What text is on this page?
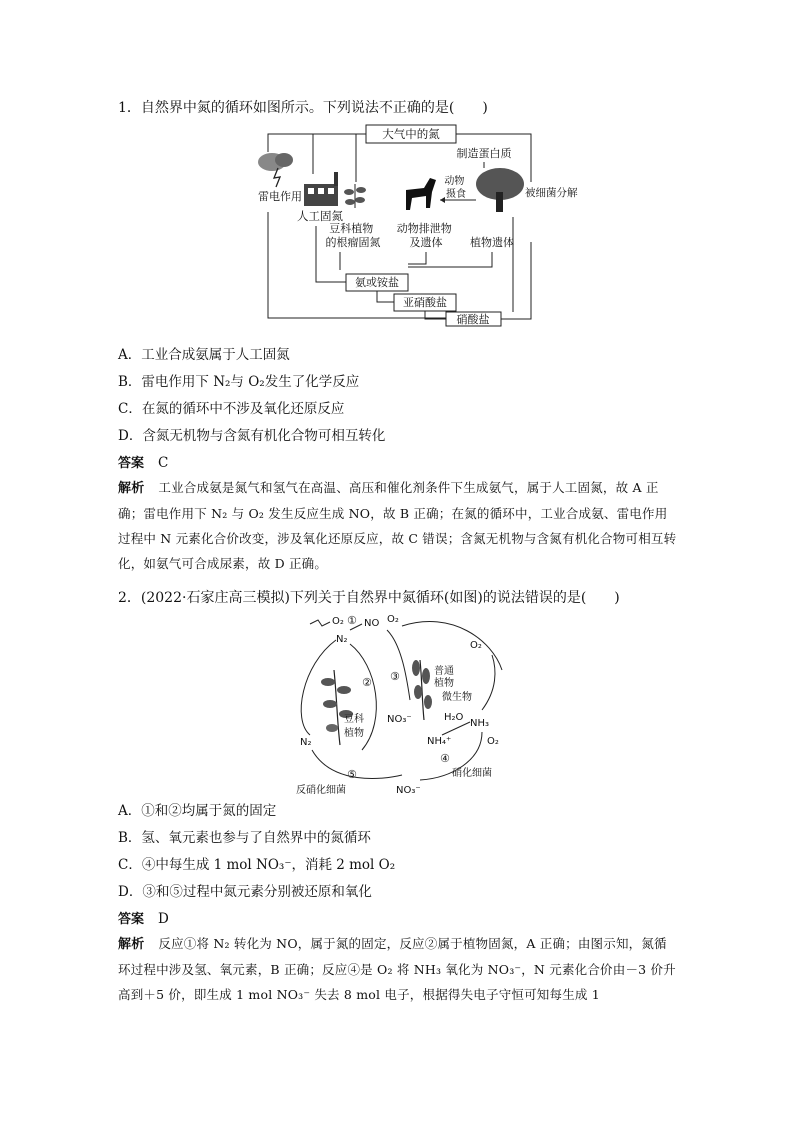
1．自然界中氮的循环如图所示。下列说法不正确的是(　　)
大气中的氮
雷电作用
人工固氮
豆科植物 的根瘤固氮
制造蛋白质
动物 摄食	被细菌分解
动物排泄物 及遗体	植物遗体
氨或铵盐
亚硝酸盐
硝酸盐
A．工业合成氨属于人工固氮
B．雷电作用下 N₂与 O₂发生了化学反应
C．在氮的循环中不涉及氧化还原反应
D．含氮无机物与含氮有机化合物可相互转化
答案 C
解析 工业合成氨是氮气和氢气在高温、高压和催化剂条件下生成氨气，属于人工固氮，故 A 正确；雷电作用下 N₂ 与 O₂ 发生反应生成 NO，故 B 正确；在氮的循环中，工业合成氨、雷电作用过程中 N 元素化合价改变，涉及氧化还原反应，故 C 错误；含氮无机物与含氮有机化合物可相互转化，如氨气可合成尿素，故 D 正确。
2．(2022·石家庄高三模拟)下列关于自然界中氮循环(如图)的说法错误的是(　　)
O₂ ① NO O₂
N₂
②
豆科 植物
③	普通 植物
O₂
微生物
NO₃⁻	H₂O
NH₃
NH₄⁺	O₂
④
N₂
硝化细菌
⑤
反硝化细菌	NO₃⁻
A．①和②均属于氮的固定
B．氢、氧元素也参与了自然界中的氮循环
C．④中每生成 1 mol NO₃⁻，消耗 2 mol O₂
D．③和⑤过程中氮元素分别被还原和氧化
答案 D
解析 反应①将 N₂ 转化为 NO，属于氮的固定，反应②属于植物固氮，A 正确；由图示知，氮循环过程中涉及氢、氧元素，B 正确；反应④是 O₂ 将 NH₃ 氧化为 NO₃⁻，N 元素化合价由－3 价升高到＋5 价，即生成 1 mol NO₃⁻ 失去 8 mol 电子，根据得失电子守恒可知每生成 1
